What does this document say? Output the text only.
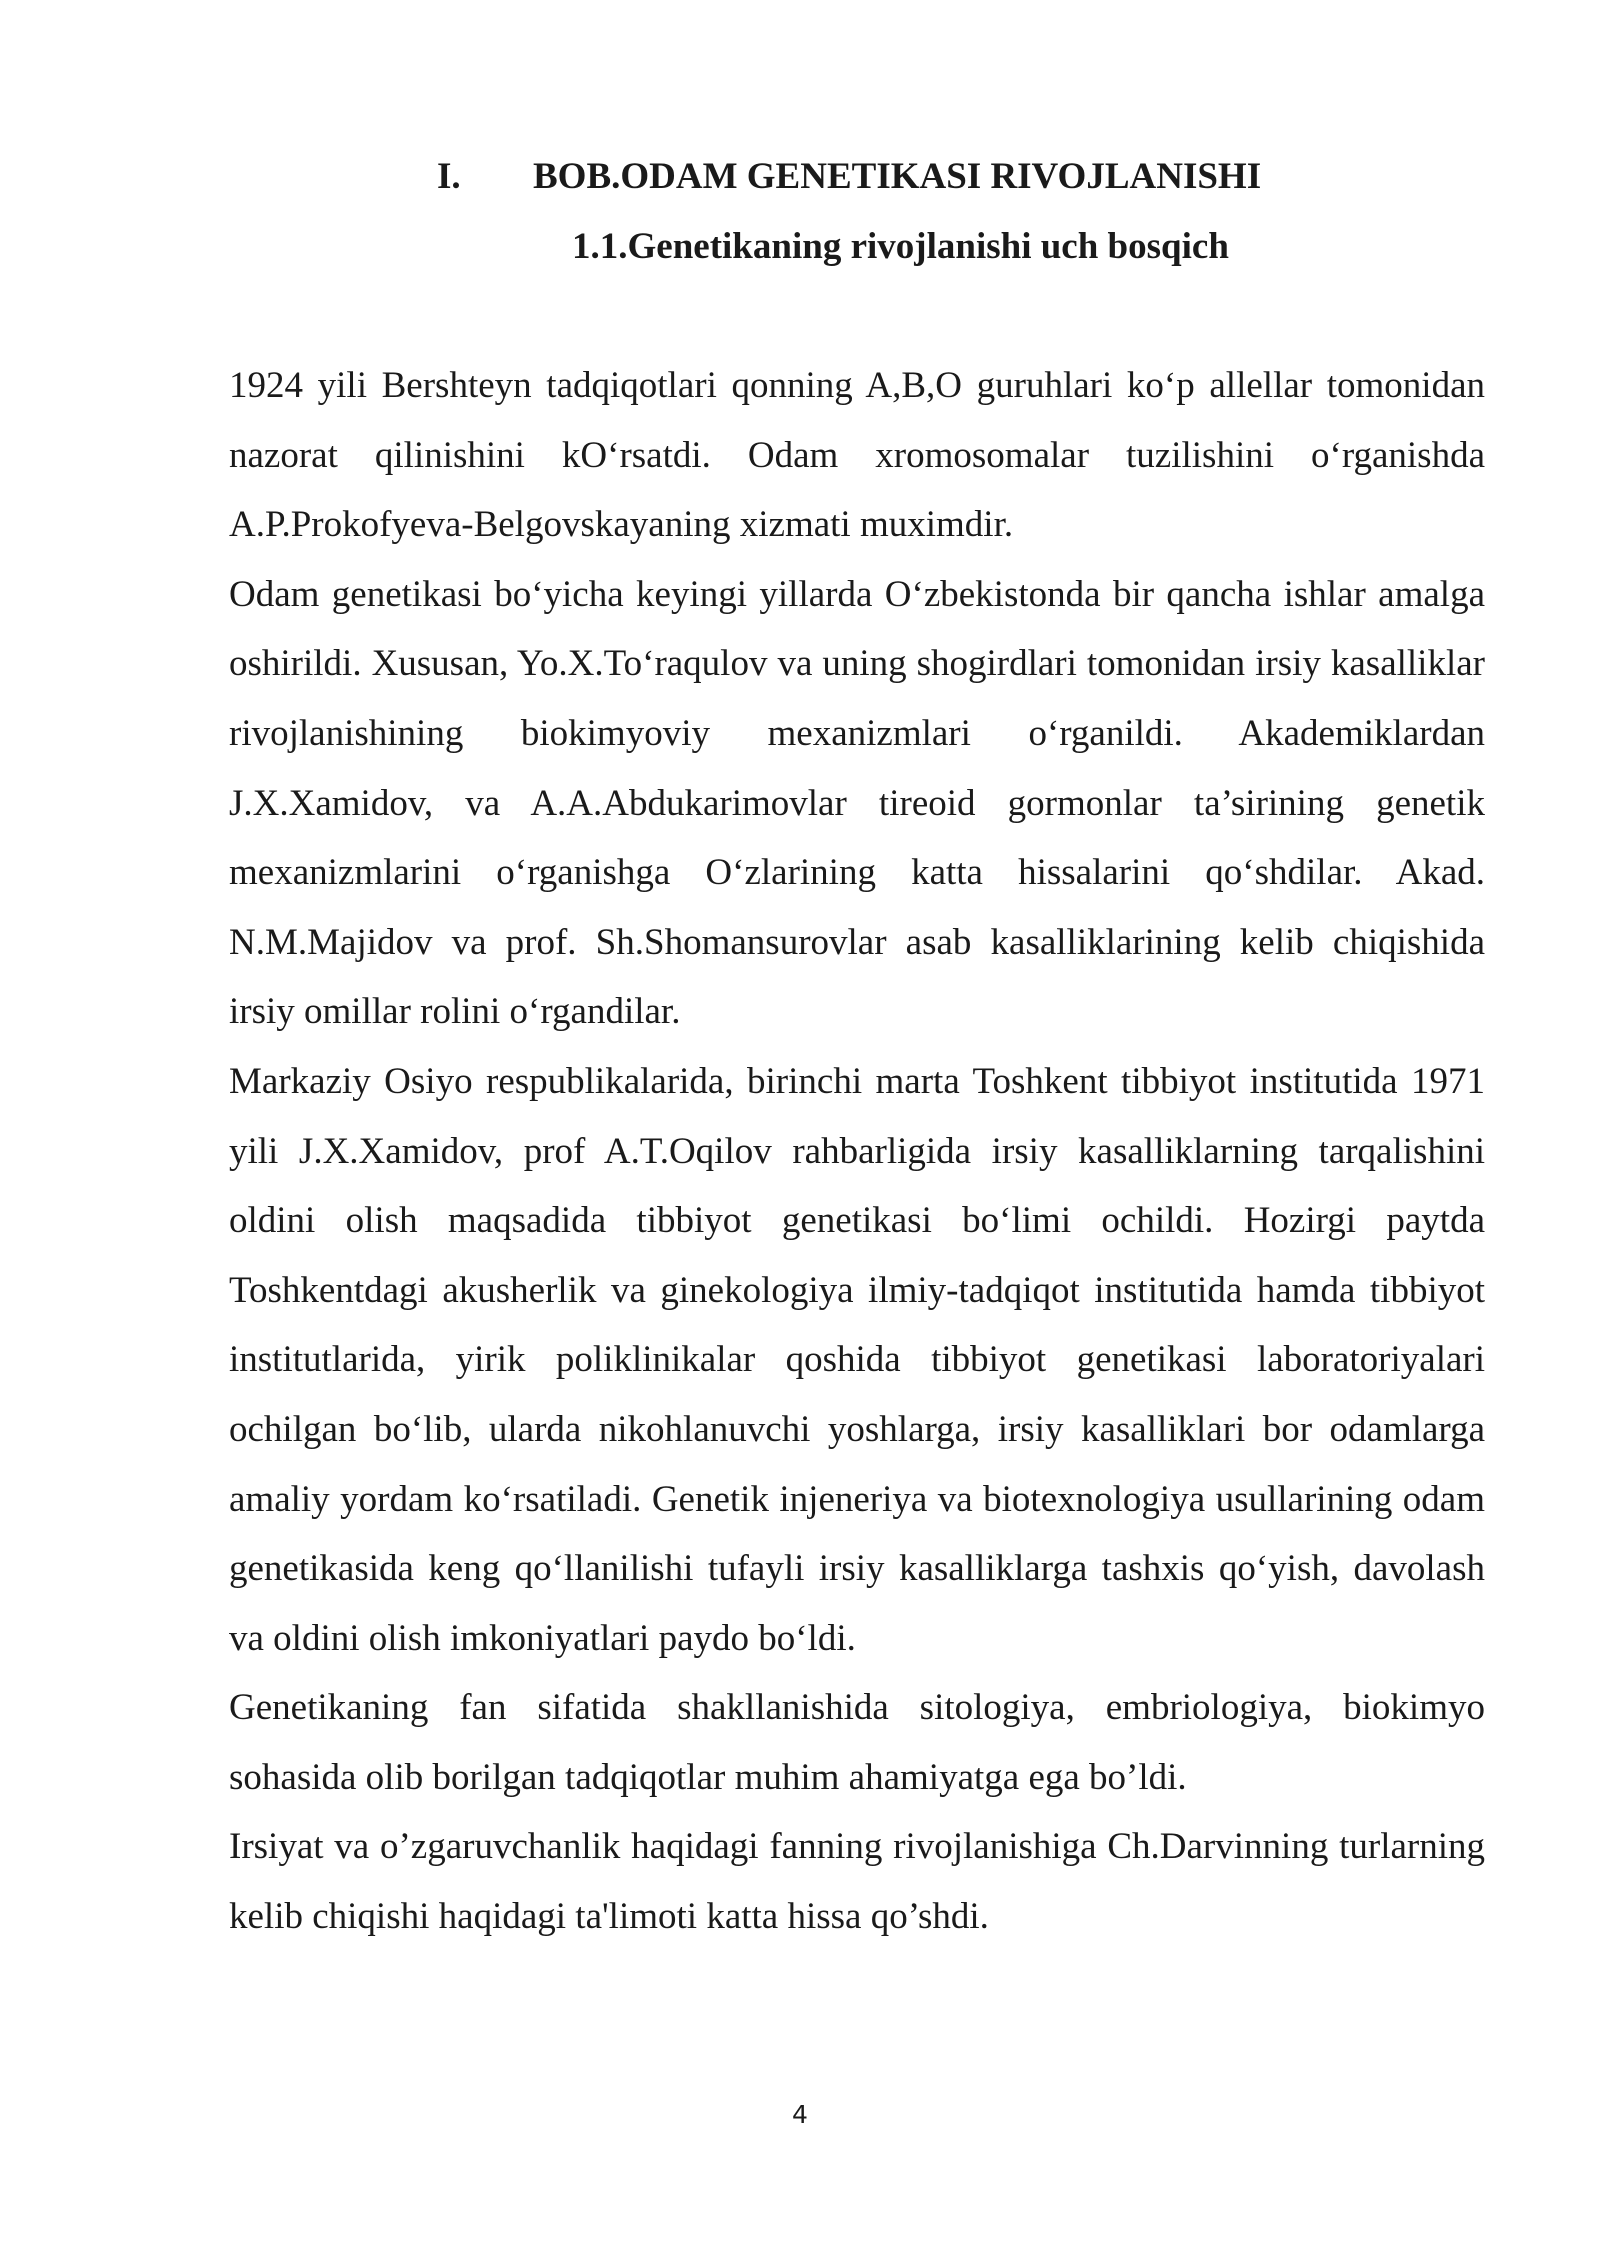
I. BOB.ODAM GENETIKASI RIVOJLANISHI
1.1.Genetikaning rivojlanishi uch bosqich

1924 yili Bershteyn tadqiqotlari qonning A,B,O guruhlari koʻp allellar tomonidan nazorat qilinishini kOʻrsatdi. Odam xromosomalar tuzilishini oʻrganishda A.P.Prokofyeva-Belgovskayaning xizmati muximdir.

Odam genetikasi boʻyicha keyingi yillarda Oʻzbekistonda bir qancha ishlar amalga oshirildi. Xususan, Yo.X.Toʻraqulov va uning shogirdlari tomonidan irsiy kasalliklar rivojlanishining biokimyoviy mexanizmlari oʻrganildi. Akademiklardan J.X.Xamidov, va A.A.Abdukarimovlar tireoid gormonlar ta’sirining genetik mexanizmlarini oʻrganishga Oʻzlarining katta hissalarini qoʻshdilar. Akad. N.M.Majidov va prof. Sh.Shomansurovlar asab kasalliklarining kelib chiqishida irsiy omillar rolini oʻrgandilar.

Markaziy Osiyo respublikalarida, birinchi marta Toshkent tibbiyot institutida 1971 yili J.X.Xamidov, prof A.T.Oqilov rahbarligida irsiy kasalliklarning tarqalishini oldini olish maqsadida tibbiyot genetikasi boʻlimi ochildi. Hozirgi paytda Toshkentdagi akusherlik va ginekologiya ilmiy-tadqiqot institutida hamda tibbiyot institutlarida, yirik poliklinikalar qoshida tibbiyot genetikasi laboratoriyalari ochilgan boʻlib, ularda nikohlanuvchi yoshlarga, irsiy kasalliklari bor odamlarga amaliy yordam koʻrsatiladi. Genetik injeneriya va biotexnologiya usullarining odam genetikasida keng qoʻllanilishi tufayli irsiy kasalliklarga tashxis qoʻyish, davolash va oldini olish imkoniyatlari paydo boʻldi.

Genetikaning fan sifatida shakllanishida sitologiya, embriologiya, biokimyo sohasida olib borilgan tadqiqotlar muhim ahamiyatga ega bo’ldi.

Irsiyat va o’zgaruvchanlik haqidagi fanning rivojlanishiga Ch.Darvinning turlarning kelib chiqishi haqidagi ta'limoti katta hissa qo’shdi.

4
